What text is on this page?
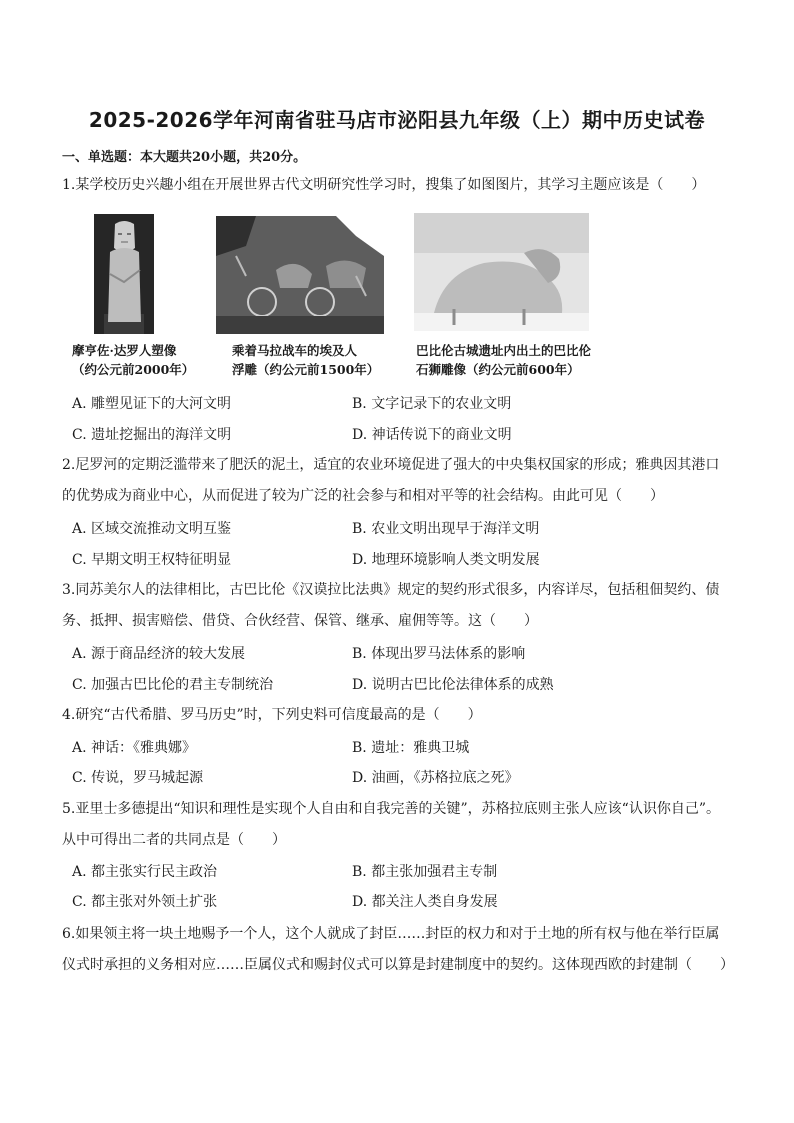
2025-2026学年河南省驻马店市泌阳县九年级（上）期中历史试卷
一、单选题：本大题共20小题，共20分。
1.某学校历史兴趣小组在开展世界古代文明研究性学习时，搜集了如图图片，其学习主题应该是（　　）
摩亨佐·达罗人塑像
（约公元前2000年）
乘着马拉战车的埃及人
浮雕（约公元前1500年）
巴比伦古城遗址内出土的巴比伦
石狮雕像（约公元前600年）
A. 雕塑见证下的大河文明	B. 文字记录下的农业文明
C. 遗址挖掘出的海洋文明	D. 神话传说下的商业文明
2.尼罗河的定期泛滥带来了肥沃的泥土，适宜的农业环境促进了强大的中央集权国家的形成；雅典因其港口的优势成为商业中心，从而促进了较为广泛的社会参与和相对平等的社会结构。由此可见（　　）
A. 区域交流推动文明互鉴	B. 农业文明出现早于海洋文明
C. 早期文明王权特征明显	D. 地理环境影响人类文明发展
3.同苏美尔人的法律相比，古巴比伦《汉谟拉比法典》规定的契约形式很多，内容详尽，包括租佃契约、债务、抵押、损害赔偿、借贷、合伙经营、保管、继承、雇佣等等。这（　　）
A. 源于商品经济的较大发展	B. 体现出罗马法体系的影响
C. 加强古巴比伦的君主专制统治	D. 说明古巴比伦法律体系的成熟
4.研究“古代希腊、罗马历史”时，下列史料可信度最高的是（　　）
A. 神话：《雅典娜》	B. 遗址：雅典卫城
C. 传说，罗马城起源	D. 油画，《苏格拉底之死》
5.亚里士多德提出“知识和理性是实现个人自由和自我完善的关键”，苏格拉底则主张人应该“认识你自己”。从中可得出二者的共同点是（　　）
A. 都主张实行民主政治	B. 都主张加强君主专制
C. 都主张对外领土扩张	D. 都关注人类自身发展
6.如果领主将一块土地赐予一个人，这个人就成了封臣……封臣的权力和对于土地的所有权与他在举行臣属仪式时承担的义务相对应……臣属仪式和赐封仪式可以算是封建制度中的契约。这体现西欧的封建制（　　）
